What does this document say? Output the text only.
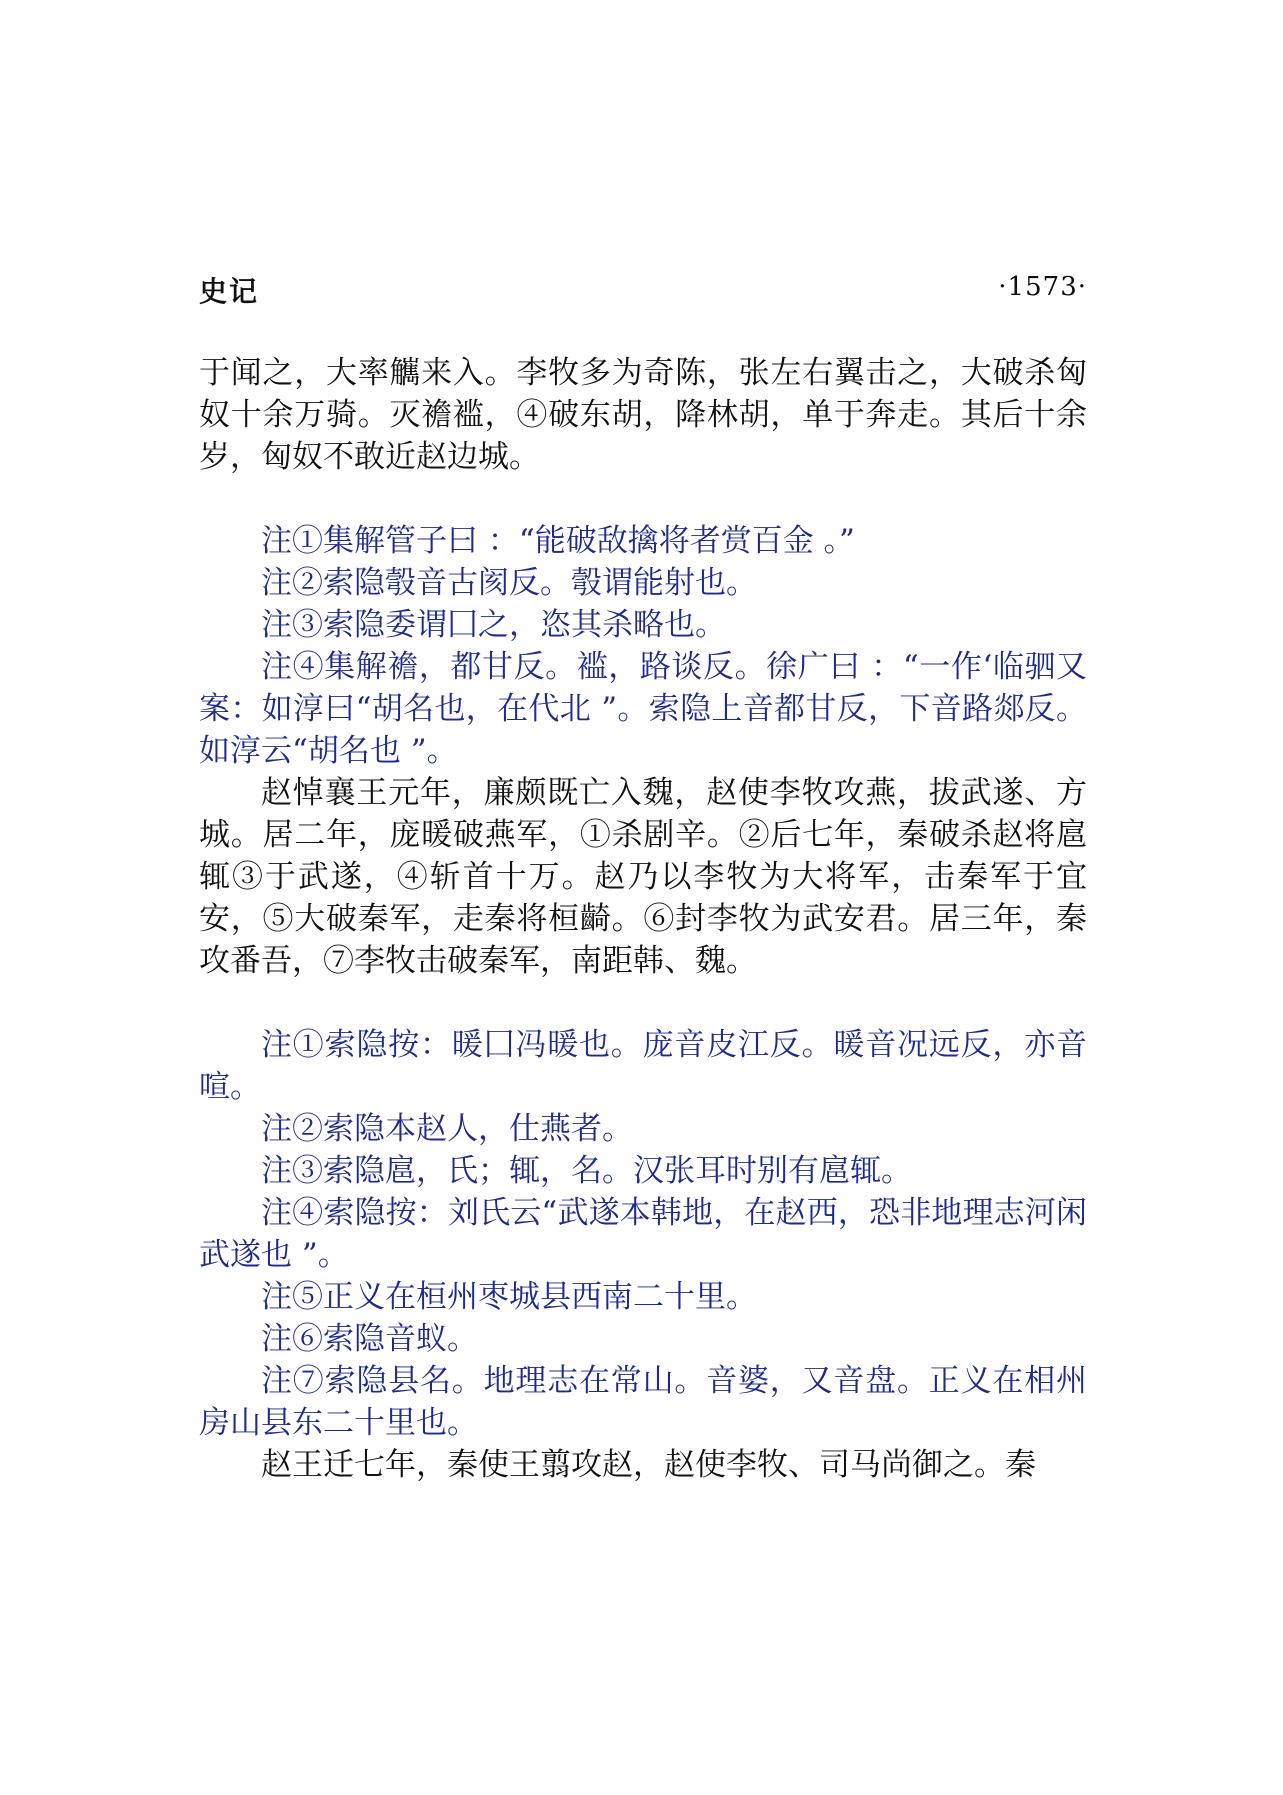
史记	·1573·

于闻之，大率觽来入。李牧多为奇陈，张左右翼击之，大破杀匈奴十余万骑。灭襜褴，④破东胡，降林胡，单于奔走。其后十余岁，匈奴不敢近赵边城。

注①集解管子曰 ：“能破敌擒将者赏百金 。”

注②索隐彀音古阂反。彀谓能射也。

注③索隐委谓囗之，恣其杀略也。

注④集解襜，都甘反。褴，路谈反。徐广曰 ：“一作‘临驷又案：如淳曰“胡名也，在代北 ”。索隐上音都甘反，下音路郯反。如淳云“胡名也 ”。

赵悼襄王元年，廉颇既亡入魏，赵使李牧攻燕，拔武遂、方城。居二年，庞暖破燕军，①杀剧辛。②后七年，秦破杀赵将扈辄③于武遂，④斩首十万。赵乃以李牧为大将军，击秦军于宜安，⑤大破秦军，走秦将桓齮。⑥封李牧为武安君。居三年，秦攻番吾，⑦李牧击破秦军，南距韩、魏。

注①索隐按：暖囗冯暖也。庞音皮江反。暖音况远反，亦音喧。

注②索隐本赵人，仕燕者。

注③索隐扈，氏；辄，名。汉张耳时别有扈辄。

注④索隐按：刘氏云“武遂本韩地，在赵西，恐非地理志河闲武遂也 ”。

注⑤正义在桓州枣城县西南二十里。

注⑥索隐音蚁。

注⑦索隐县名。地理志在常山。音婆，又音盘。正义在相州房山县东二十里也。

赵王迁七年，秦使王翦攻赵，赵使李牧、司马尚御之。秦
